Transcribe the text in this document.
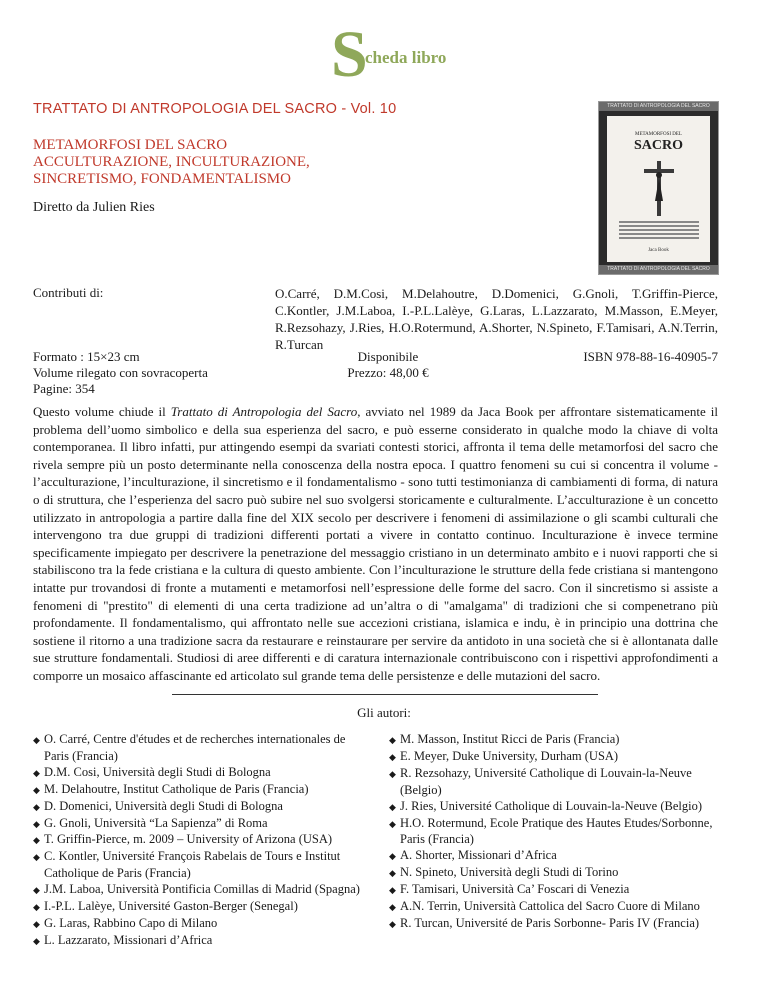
S
cheda libro
TRATTATO DI ANTROPOLOGIA DEL SACRO - Vol. 10
METAMORFOSI DEL SACRO
ACCULTURAZIONE, INCULTURAZIONE,
SINCRETISMO, FONDAMENTALISMO
Diretto da Julien Ries
TRATTATO DI ANTROPOLOGIA DEL SACRO
METAMORFOSI DEL
SACRO
Jaca Book
TRATTATO DI ANTROPOLOGIA DEL SACRO
Contributi di:	O.Carré, D.M.Cosi, M.Delahoutre, D.Domenici, G.Gnoli, T.Griffin-Pierce, C.Kontler, J.M.Laboa, I.-P.L.Lalèye, G.Laras, L.Lazzarato, M.Masson, E.Meyer, R.Rezsohazy, J.Ries, H.O.Rotermund, A.Shorter, N.Spineto, F.Tamisari, A.N.Terrin, R.Turcan
Formato : 15×23 cm
Volume rilegato con sovracoperta
Pagine: 354
Disponibile
Prezzo: 48,00 €
ISBN 978-88-16-40905-7
Questo volume chiude il Trattato di Antropologia del Sacro, avviato nel 1989 da Jaca Book per affrontare sistematicamente il problema dell’uomo simbolico e della sua esperienza del sacro, e può esserne considerato in qualche modo la chiave di volta contemporanea. Il libro infatti, pur attingendo esempi da svariati contesti storici, affronta il tema delle metamorfosi del sacro che rivela sempre più un posto determinante nella conoscenza della nostra epoca. I quattro fenomeni su cui si concentra il volume - l’acculturazione, l’inculturazione, il sincretismo e il fondamentalismo - sono tutti testimonianza di cambiamenti di forma, di natura o di struttura, che l’esperienza del sacro può subire nel suo svolgersi storicamente e culturalmente. L’acculturazione è un concetto utilizzato in antropologia a partire dalla fine del XIX secolo per descrivere i fenomeni di assimilazione o gli scambi culturali che intervengono tra due gruppi di tradizioni differenti portati a vivere in contatto continuo. Inculturazione è invece termine specificamente impiegato per descrivere la penetrazione del messaggio cristiano in un determinato ambito e i nuovi rapporti che si stabiliscono tra la fede cristiana e la cultura di questo ambiente. Con l’inculturazione le strutture della fede cristiana si mantengono intatte pur trovandosi di fronte a mutamenti e metamorfosi nell’espressione delle forme del sacro. Con il sincretismo si assiste a fenomeni di "prestito" di elementi di una certa tradizione ad un’altra o di "amalgama" di tradizioni che si compenetrano più profondamente. Il fondamentalismo, qui affrontato nelle sue accezioni cristiana, islamica e indu, è in principio una dottrina che sostiene il ritorno a una tradizione sacra da restaurare e reinstaurare per servire da antidoto in una società che si è allontanata dalle sue strutture fondamentali. Studiosi di aree differenti e di caratura internazionale contribuiscono con i rispettivi approfondimenti a comporre un mosaico affascinante ed articolato sul grande tema delle persistenze e delle mutazioni del sacro.
Gli autori:
◆ O. Carré, Centre d'études et de recherches internationales de Paris (Francia)
◆ D.M. Cosi, Università degli Studi di Bologna
◆ M. Delahoutre, Institut Catholique de Paris (Francia)
◆ D. Domenici, Università degli Studi di Bologna
◆ G. Gnoli, Università “La Sapienza” di Roma
◆ T. Griffin-Pierce, m. 2009 – University of Arizona (USA)
◆ C. Kontler, Université François Rabelais de Tours e Institut Catholique de Paris (Francia)
◆ J.M. Laboa, Università Pontificia Comillas di Madrid (Spagna)
◆ I.-P.L. Lalèye, Université Gaston-Berger (Senegal)
◆ G. Laras, Rabbino Capo di Milano
◆ L. Lazzarato, Missionari d’Africa
◆ M. Masson, Institut Ricci de Paris (Francia)
◆ E. Meyer, Duke University, Durham (USA)
◆ R. Rezsohazy, Université Catholique di Louvain-la-Neuve (Belgio)
◆ J. Ries, Université Catholique di Louvain-la-Neuve (Belgio)
◆ H.O. Rotermund, Ecole Pratique des Hautes Etudes/Sorbonne, Paris (Francia)
◆ A. Shorter, Missionari d’Africa
◆ N. Spineto, Università degli Studi di Torino
◆ F. Tamisari, Università Ca’ Foscari di Venezia
◆ A.N. Terrin, Università Cattolica del Sacro Cuore di Milano
◆ R. Turcan, Université de Paris Sorbonne- Paris IV (Francia)
